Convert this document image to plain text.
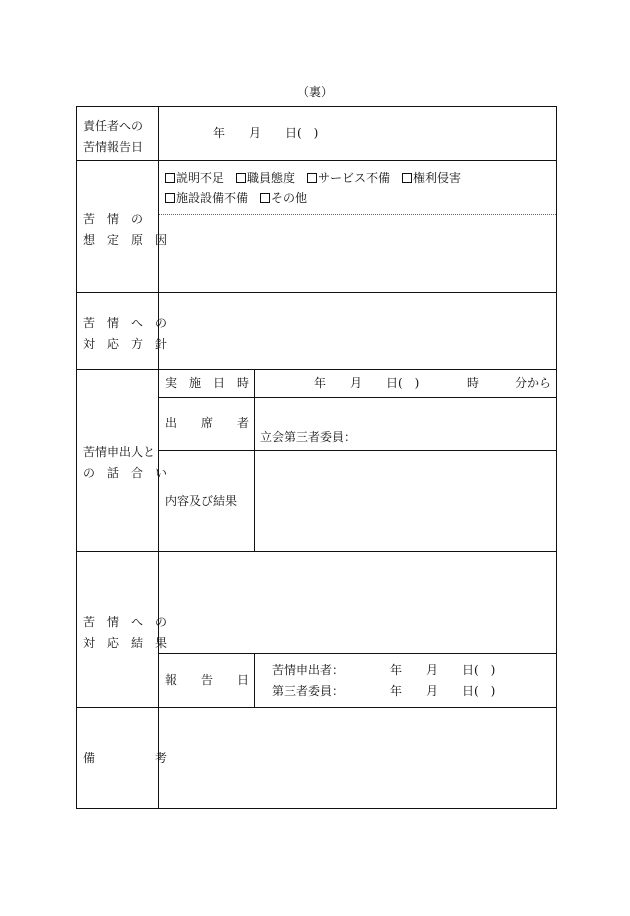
（裏）
責任者への
苦情報告日
年　　月　　日(　)
苦　情　の
想　定　原　因
説明不足	職員態度	サービス不備	権利侵害
施設設備不備	その他
苦　情　へ　の
対　応　方　針
苦情申出人と
の　話　合　い
実　施　日　時	年　　月　　日(　)	時　　　分から
出　　席　　者
立会第三者委員：
内容及び結果
苦　情　へ　の
対　応　結　果
報　　告　　日
苦情申出者：	年　　月　　日(　)
第三者委員：	年　　月　　日(　)
備　　　　　考
